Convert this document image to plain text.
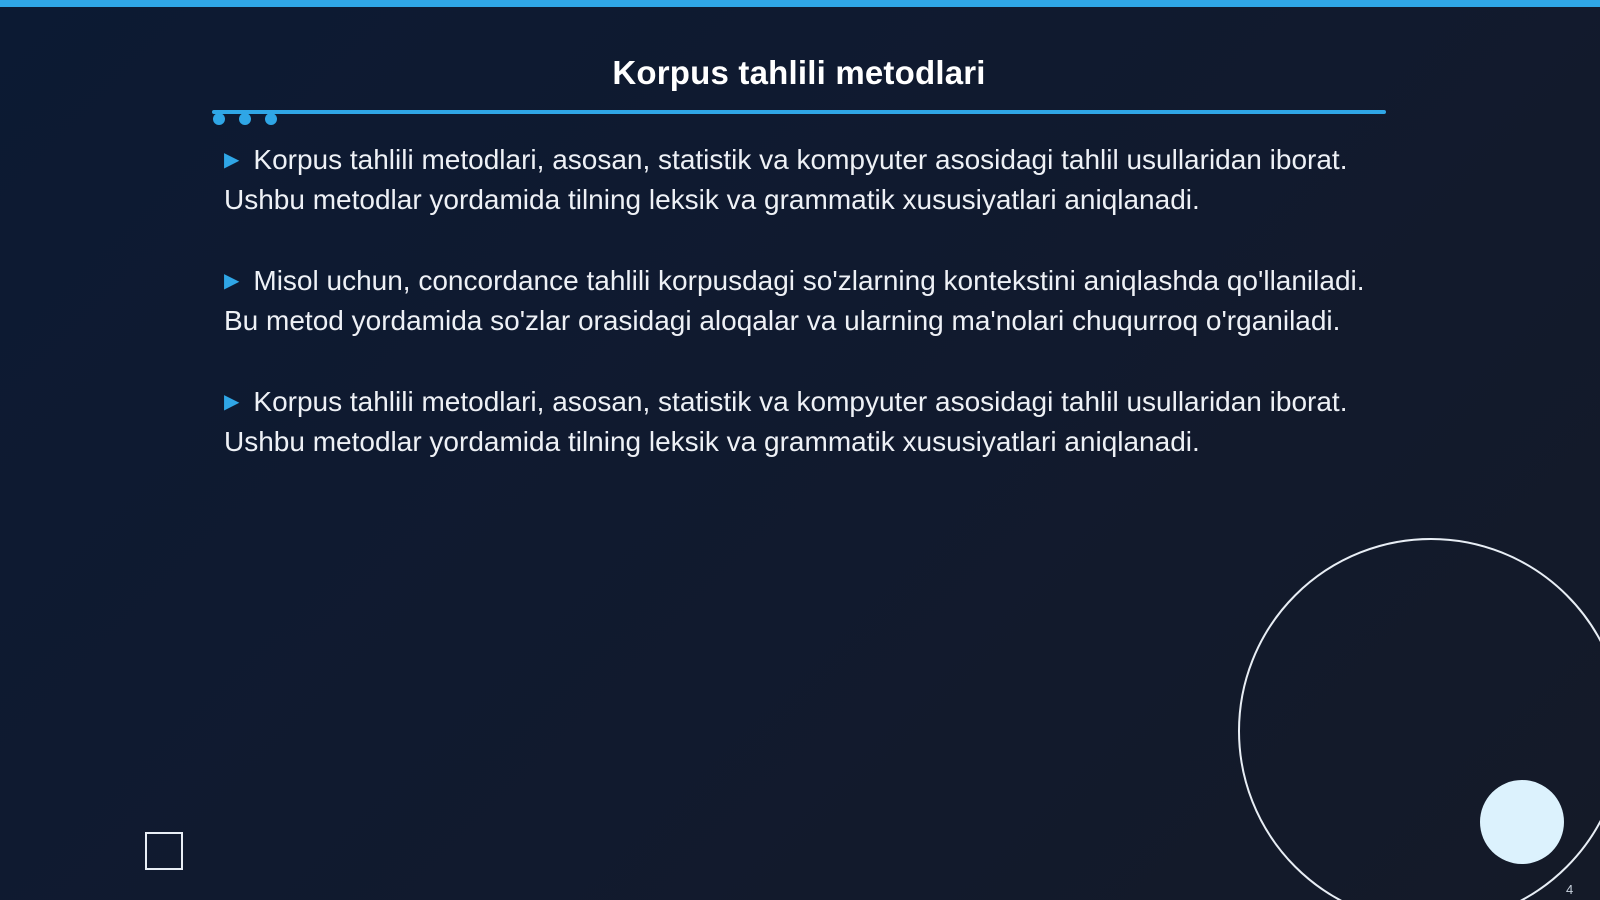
Korpus tahlili metodlari

▶ Korpus tahlili metodlari, asosan, statistik va kompyuter asosidagi tahlil usullaridan iborat. Ushbu metodlar yordamida tilning leksik va grammatik xususiyatlari aniqlanadi.

▶ Misol uchun, concordance tahlili korpusdagi so'zlarning kontekstini aniqlashda qo'llaniladi. Bu metod yordamida so'zlar orasidagi aloqalar va ularning ma'nolari chuqurroq o'rganiladi.

▶ Korpus tahlili metodlari, asosan, statistik va kompyuter asosidagi tahlil usullaridan iborat. Ushbu metodlar yordamida tilning leksik va grammatik xususiyatlari aniqlanadi.

4
